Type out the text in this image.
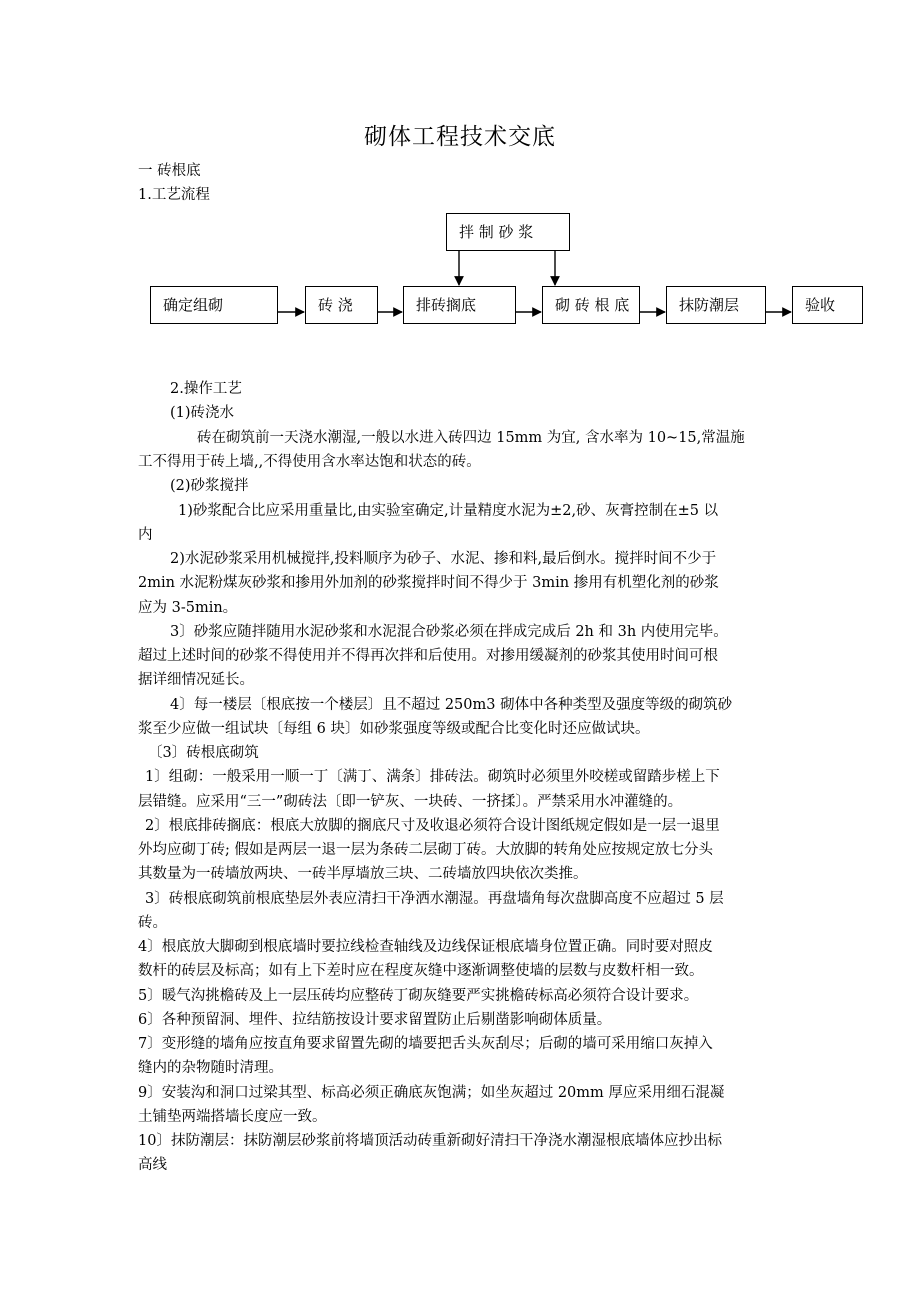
砌体工程技术交底
一 砖根底
1.工艺流程
拌 制 砂 浆
确定组砌	砖 浇	排砖搁底	砌 砖 根 底	抹防潮层	验收
2.操作工艺
(1)砖浇水
砖在砌筑前一天浇水潮湿,一般以水进入砖四边 15mm 为宜, 含水率为 10~15,常温施
工不得用于砖上墙,,不得使用含水率达饱和状态的砖。
(2)砂浆搅拌
1)砂浆配合比应采用重量比,由实验室确定,计量精度水泥为±2,砂、灰膏控制在±5 以
内
2)水泥砂浆采用机械搅拌,投料顺序为砂子、水泥、掺和料,最后倒水。搅拌时间不少于
2min 水泥粉煤灰砂浆和掺用外加剂的砂浆搅拌时间不得少于 3min 掺用有机塑化剂的砂浆
应为 3-5min。
3〕砂浆应随拌随用水泥砂浆和水泥混合砂浆必须在拌成完成后 2h 和 3h 内使用完毕。
超过上述时间的砂浆不得使用并不得再次拌和后使用。对掺用缓凝剂的砂浆其使用时间可根
据详细情况延长。
4〕每一楼层〔根底按一个楼层〕且不超过 250m3 砌体中各种类型及强度等级的砌筑砂
浆至少应做一组试块〔每组 6 块〕如砂浆强度等级或配合比变化时还应做试块。
〔3〕砖根底砌筑
1〕组砌：一般采用一顺一丁〔满丁、满条〕排砖法。砌筑时必须里外咬槎或留踏步槎上下
层错缝。应采用“三一”砌砖法〔即一铲灰、一块砖、一挤揉〕。严禁采用水冲灌缝的。
2〕根底排砖搁底：根底大放脚的搁底尺寸及收退必须符合设计图纸规定假如是一层一退里
外均应砌丁砖; 假如是两层一退一层为条砖二层砌丁砖。大放脚的转角处应按规定放七分头
其数量为一砖墙放两块、一砖半厚墙放三块、二砖墙放四块依次类推。
3〕砖根底砌筑前根底垫层外表应清扫干净洒水潮湿。再盘墙角每次盘脚高度不应超过 5 层
砖。
4〕根底放大脚砌到根底墙时要拉线检查轴线及边线保证根底墙身位置正确。同时要对照皮
数杆的砖层及标高；如有上下差时应在程度灰缝中逐渐调整使墙的层数与皮数杆相一致。
5〕暖气沟挑檐砖及上一层压砖均应整砖丁砌灰缝要严实挑檐砖标高必须符合设计要求。
6〕各种预留洞、埋件、拉结筋按设计要求留置防止后剔凿影响砌体质量。
7〕变形缝的墙角应按直角要求留置先砌的墙要把舌头灰刮尽；后砌的墙可采用缩口灰掉入
缝内的杂物随时清理。
9〕安装沟和洞口过梁其型、标高必须正确底灰饱满；如坐灰超过 20mm 厚应采用细石混凝
土铺垫两端搭墙长度应一致。
10〕抹防潮层：抹防潮层砂浆前将墙顶活动砖重新砌好清扫干净浇水潮湿根底墙体应抄出标
高线
